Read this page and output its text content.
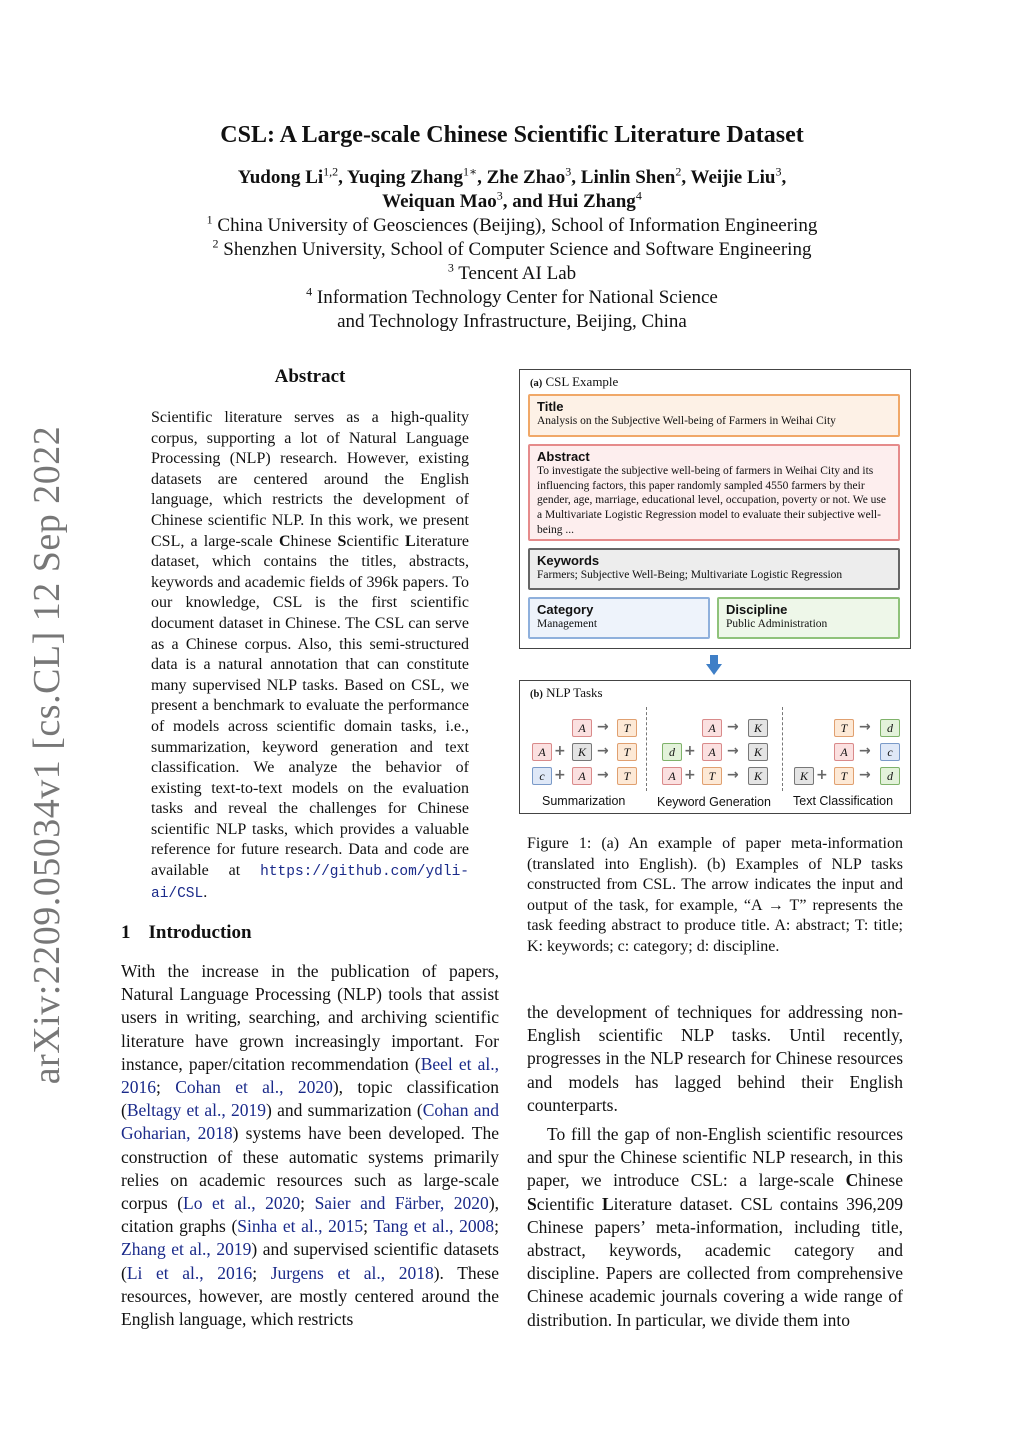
arXiv:2209.05034v1 [cs.CL] 12 Sep 2022
CSL: A Large-scale Chinese Scientific Literature Dataset
Yudong Li$^{1,2}$, Yuqing Zhang$^{1∗}$, Zhe Zhao$^3$, Linlin Shen$^2$, Weijie Liu$^3$,
Weiquan Mao$^3$, and Hui Zhang$^4$
$^1$ China University of Geosciences (Beijing), School of Information Engineering
$^2$ Shenzhen University, School of Computer Science and Software Engineering
$^3$ Tencent AI Lab
$^4$ Information Technology Center for National Science
and Technology Infrastructure, Beijing, China
Abstract
Scientific literature serves as a high-quality corpus, supporting a lot of Natural Language Processing (NLP) research. However, existing datasets are centered around the English language, which restricts the development of Chinese scientific NLP. In this work, we present CSL, a large-scale Chinese Scientific Literature dataset, which contains the titles, abstracts, keywords and academic fields of 396k papers. To our knowledge, CSL is the first scientific document dataset in Chinese. The CSL can serve as a Chinese corpus. Also, this semi-structured data is a natural annotation that can constitute many supervised NLP tasks. Based on CSL, we present a benchmark to evaluate the performance of models across scientific domain tasks, i.e., summarization, keyword generation and text classification. We analyze the behavior of existing text-to-text models on the evaluation tasks and reveal the challenges for Chinese scientific NLP tasks, which provides a valuable reference for future research. Data and code are available at https://github.com/ydli-ai/CSL.
1 Introduction

With the increase in the publication of papers, Natural Language Processing (NLP) tools that assist users in writing, searching, and archiving scientific literature have grown increasingly important. For instance, paper/citation recommendation (Beel et al., 2016; Cohan et al., 2020), topic classification (Beltagy et al., 2019) and summarization (Cohan and Goharian, 2018) systems have been developed. The construction of these automatic systems primarily relies on academic resources such as large-scale corpus (Lo et al., 2020; Saier and Färber, 2020), citation graphs (Sinha et al., 2015; Tang et al., 2008; Zhang et al., 2019) and supervised scientific datasets (Li et al., 2016; Jurgens et al., 2018). These resources, however, are mostly centered around the English language, which restricts

the development of techniques for addressing non-English scientific NLP tasks. Until recently, progresses in the NLP research for Chinese resources and models has lagged behind their English counterparts.

To fill the gap of non-English scientific resources and spur the Chinese scientific NLP research, in this paper, we introduce CSL: a large-scale Chinese Scientific Literature dataset. CSL contains 396,209 Chinese papers’ meta-information, including title, abstract, keywords, academic category and discipline. Papers are collected from comprehensive Chinese academic journals covering a wide range of distribution. In particular, we divide them into

(a) CSL Example
Title
Analysis on the Subjective Well-being of Farmers in Weihai City
Abstract
To investigate the subjective well-being of farmers in Weihai City and its influencing factors, this paper randomly sampled 4550 farmers by their gender, age, marriage, educational level, occupation, poverty or not. We use a Multivariate Logistic Regression model to evaluate their subjective well-being ...
Keywords
Farmers; Subjective Well-Being; Multivariate Logistic Regression
Category
Management
Discipline
Public Administration
(b) NLP Tasks
A →	T
A +	K →	T
c +	A →	T
A →	K
d +	A →	K
A +	T →	K
T →	d
A →	c
K +	T →	d
Summarization	Keyword Generation Text Classification
Figure 1: (a) An example of paper meta-information (translated into English). (b) Examples of NLP tasks constructed from CSL. The arrow indicates the input and output of the task, for example, “A → T” represents the task feeding abstract to produce title. A: abstract; T: title; K: keywords; c: category; d: discipline.
